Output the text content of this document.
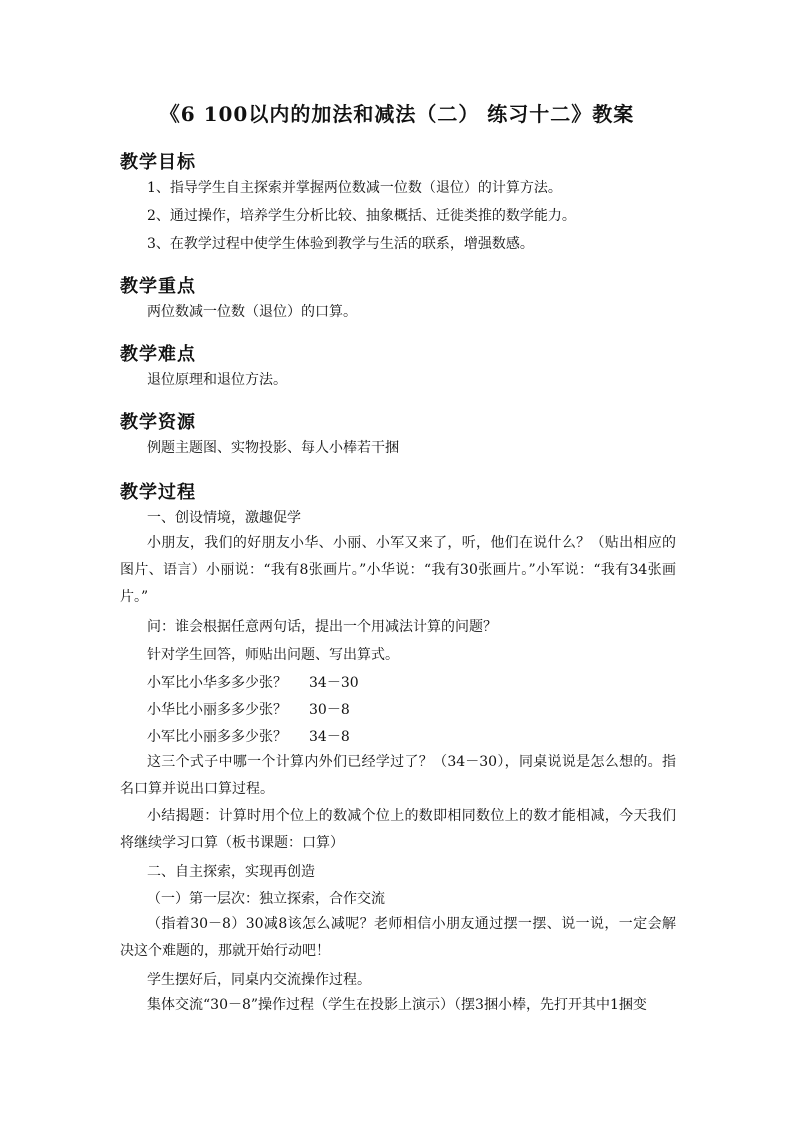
《6 100以内的加法和减法（二） 练习十二》教案
教学目标
1、指导学生自主探索并掌握两位数减一位数（退位）的计算方法。
2、通过操作，培养学生分析比较、抽象概括、迁徙类推的数学能力。
3、在教学过程中使学生体验到教学与生活的联系，增强数感。
教学重点
两位数减一位数（退位）的口算。
教学难点
退位原理和退位方法。
教学资源
例题主题图、实物投影、每人小棒若干捆
教学过程
一、创设情境，激趣促学
小朋友，我们的好朋友小华、小丽、小军又来了，听，他们在说什么？（贴出相应的图片、语言）小丽说：“我有8张画片。”小华说：“我有30张画片。”小军说：“我有34张画片。”
问：谁会根据任意两句话，提出一个用减法计算的问题？
针对学生回答，师贴出问题、写出算式。
小军比小华多多少张？ 34－30
小华比小丽多多少张？ 30－8
小军比小丽多多少张？ 34－8
这三个式子中哪一个计算内外们已经学过了？（34－30），同桌说说是怎么想的。指名口算并说出口算过程。
小结揭题：计算时用个位上的数减个位上的数即相同数位上的数才能相减，今天我们将继续学习口算（板书课题：口算）
二、自主探索，实现再创造
（一）第一层次：独立探索，合作交流
（指着30－8）30减8该怎么减呢？老师相信小朋友通过摆一摆、说一说，一定会解决这个难题的，那就开始行动吧！
学生摆好后，同桌内交流操作过程。
集体交流“30－8”操作过程（学生在投影上演示）（摆3捆小棒，先打开其中1捆变
